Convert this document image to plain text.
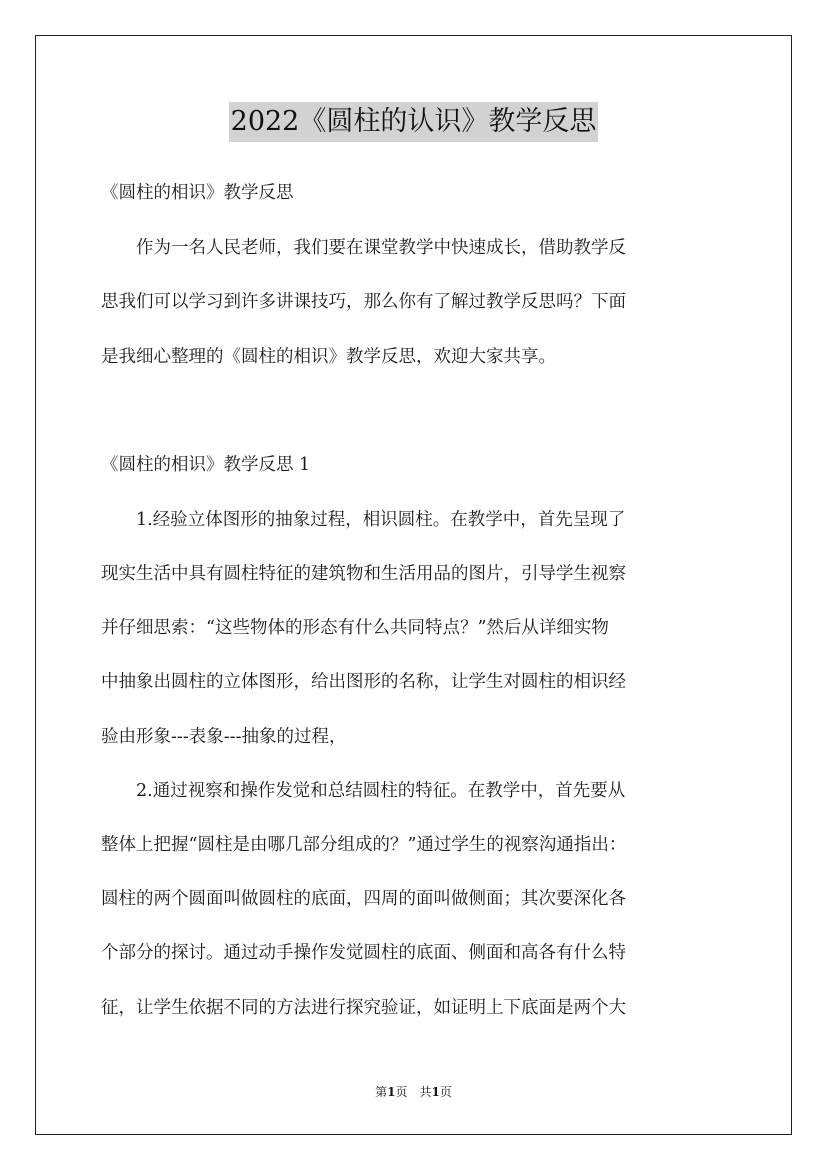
2022《圆柱的认识》教学反思
《圆柱的相识》教学反思
　　作为一名人民老师，我们要在课堂教学中快速成长，借助教学反
思我们可以学习到许多讲课技巧，那么你有了解过教学反思吗？下面
是我细心整理的《圆柱的相识》教学反思，欢迎大家共享。
《圆柱的相识》教学反思 1
　　1.经验立体图形的抽象过程，相识圆柱。在教学中，首先呈现了
现实生活中具有圆柱特征的建筑物和生活用品的图片，引导学生视察
并仔细思索：“这些物体的形态有什么共同特点？”然后从详细实物
中抽象出圆柱的立体图形，给出图形的名称，让学生对圆柱的相识经
验由形象---表象---抽象的过程，
　　2.通过视察和操作发觉和总结圆柱的特征。在教学中，首先要从
整体上把握“圆柱是由哪几部分组成的？”通过学生的视察沟通指出：
圆柱的两个圆面叫做圆柱的底面，四周的面叫做侧面；其次要深化各
个部分的探讨。通过动手操作发觉圆柱的底面、侧面和高各有什么特
征，让学生依据不同的方法进行探究验证，如证明上下底面是两个大
第1页　共1页
